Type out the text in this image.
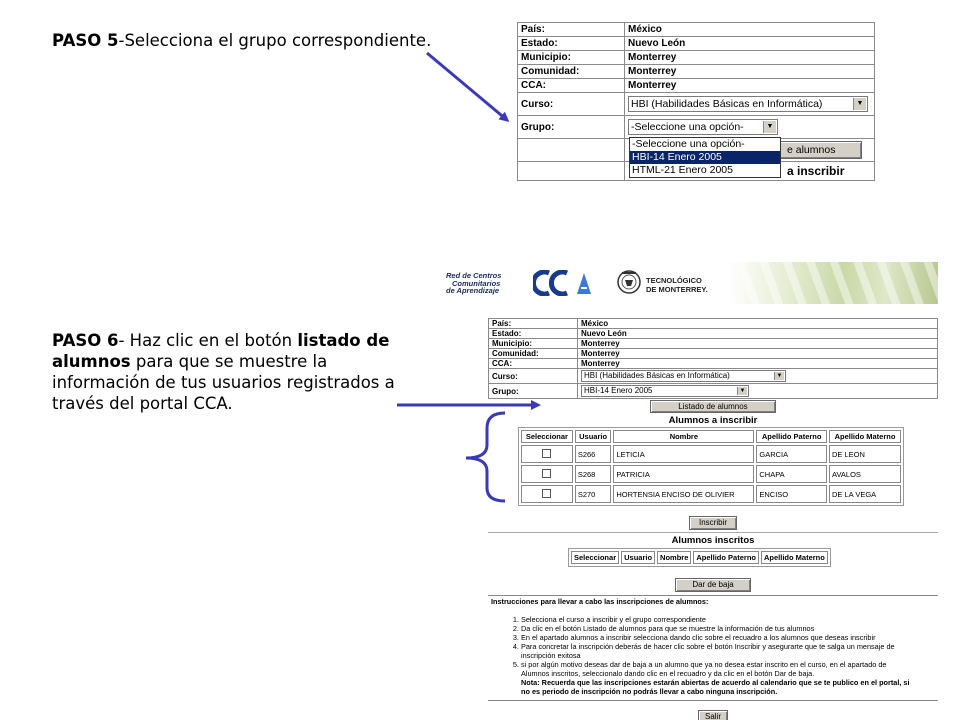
PASO 5-Selecciona el grupo correspondiente.
PASO 6- Haz clic en el botón listado de alumnos para que se muestre la información de tus usuarios registrados a través del portal CCA.
País:	México
Estado:	Nuevo León
Municipio:	Monterrey
Comunidad:	Monterrey
CCA:	Monterrey
Curso:	HBI (Habilidades Básicas en Informática) ▼

Grupo:	-Seleccione una opción- ▼

	e alumnos
	a inscribir
-Seleccione una opción-
HBI-14 Enero 2005
HTML-21 Enero 2005
Red de Centros
Comunitarios
de Aprendizaje
TECNOLÓGICO
DE MONTERREY.
País:	México
Estado:	Nuevo León
Municipio:	Monterrey
Comunidad:	Monterrey
CCA:	Monterrey
Curso:	HBI (Habilidades Básicas en Informática) ▼

Grupo:	HBI-14 Enero 2005 ▼

Listado de alumnos	
Alumnos a inscribir
Seleccionar	Usuario	Nombre	Apellido Paterno	Apellido Materno
	S266	LETICIA	GARCIA	DE LEON
	S268	PATRICIA	CHAPA	AVALOS
	S270	HORTENSIA ENCISO DE OLIVIER	ENCISO	DE LA VEGA
Inscribir
Alumnos inscritos
Seleccionar	Usuario	Nombre	Apellido Paterno	Apellido Materno
Dar de baja
Instrucciones para llevar a cabo las inscripciones de alumnos:
1. Selecciona el curso a inscribir y el grupo correspondiente
2. Da clic en el botón Listado de alumnos para que se muestre la información de tus alumnos
3. En el apartado alumnos a inscribir selecciona dando clic sobre el recuadro a los alumnos que deseas inscribir
4. Para concretar la inscripción deberás de hacer clic sobre el botón Inscribir y asegurarte que te salga un mensaje de inscripción exitosa
5. si por algún motivo deseas dar de baja a un alumno que ya no desea estar inscrito en el curso, en el apartado de Alumnos inscritos, seleccionalo dando clic en el recuadro y da clic en el botón Dar de baja.
Nota: Recuerda que las inscripciones estarán abiertas de acuerdo al calendario que se te publico en el portal, si no es periodo de inscripción no podrás llevar a cabo ninguna inscripción.
Salir
